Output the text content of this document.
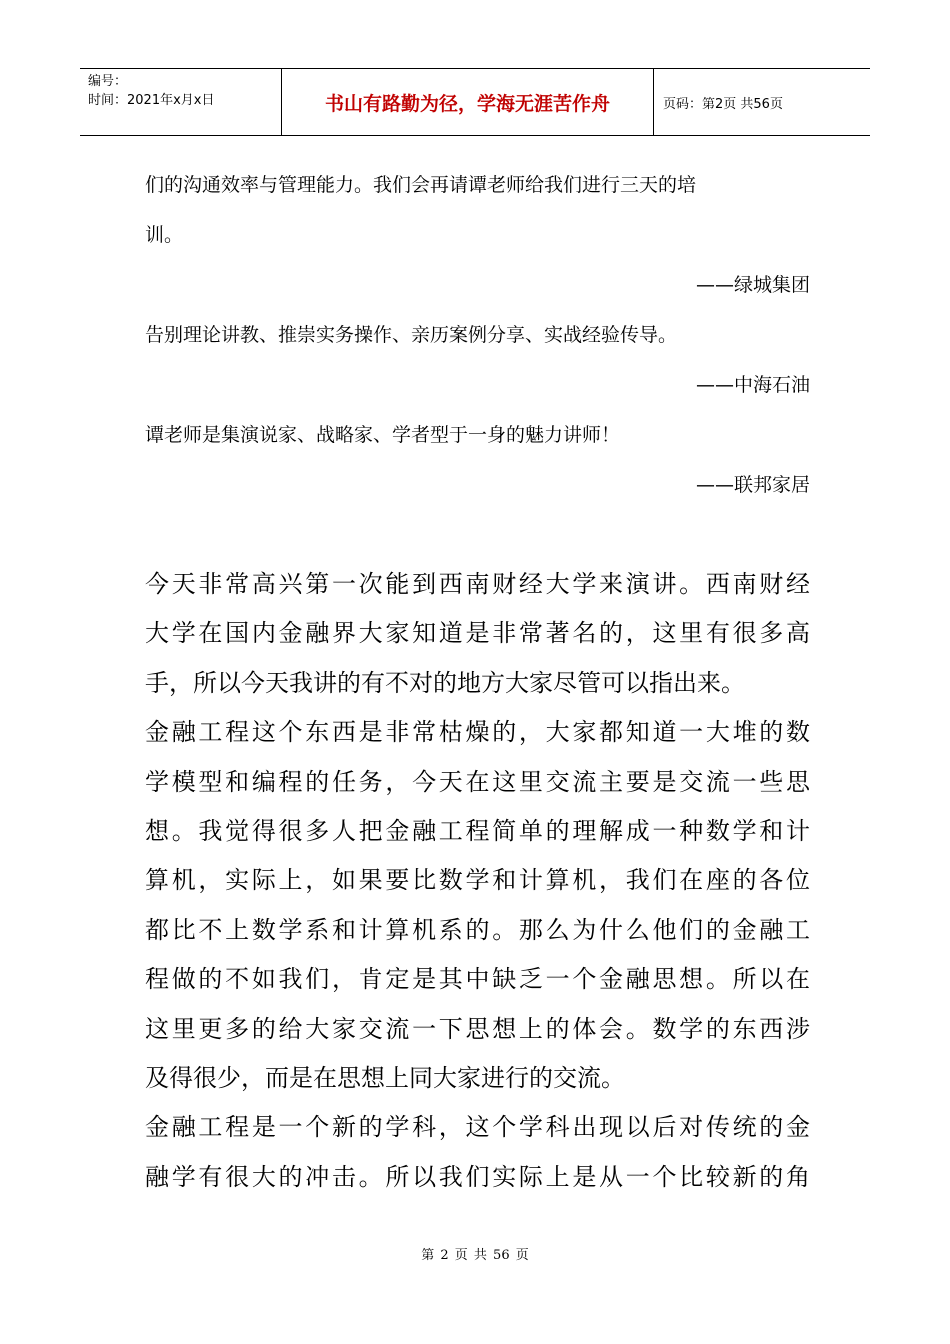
编号：
时间：2021年x月x日	书山有路勤为径，学海无涯苦作舟	页码：第2页 共56页
们的沟通效率与管理能力。我们会再请谭老师给我们进行三天的培
训。
——绿城集团
告别理论讲教、推崇实务操作、亲历案例分享、实战经验传导。
——中海石油
谭老师是集演说家、战略家、学者型于一身的魅力讲师！
——联邦家居
今天非常高兴第一次能到西南财经大学来演讲。西南财经
大学在国内金融界大家知道是非常著名的，这里有很多高
手，所以今天我讲的有不对的地方大家尽管可以指出来。
金融工程这个东西是非常枯燥的，大家都知道一大堆的数
学模型和编程的任务，今天在这里交流主要是交流一些思
想。我觉得很多人把金融工程简单的理解成一种数学和计
算机，实际上，如果要比数学和计算机，我们在座的各位
都比不上数学系和计算机系的。那么为什么他们的金融工
程做的不如我们，肯定是其中缺乏一个金融思想。所以在
这里更多的给大家交流一下思想上的体会。数学的东西涉
及得很少，而是在思想上同大家进行的交流。
金融工程是一个新的学科，这个学科出现以后对传统的金
融学有很大的冲击。所以我们实际上是从一个比较新的角
第 2 页 共 56 页
